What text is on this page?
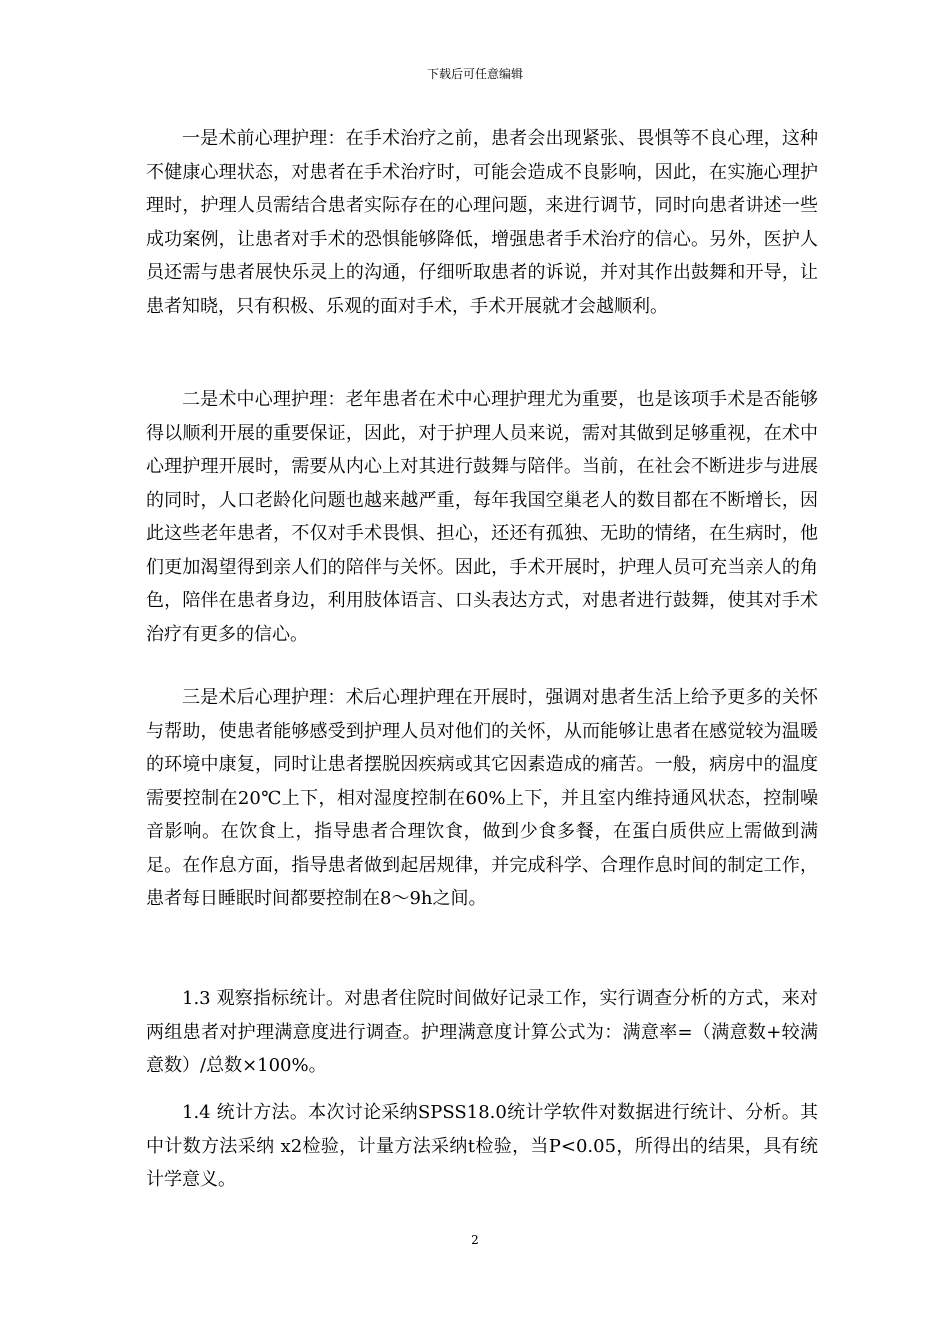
下载后可任意编辑

一是术前心理护理：在手术治疗之前，患者会出现紧张、畏惧等不良心理，这种不健康心理状态，对患者在手术治疗时，可能会造成不良影响，因此，在实施心理护理时，护理人员需结合患者实际存在的心理问题，来进行调节，同时向患者讲述一些成功案例，让患者对手术的恐惧能够降低，增强患者手术治疗的信心。另外，医护人员还需与患者展快乐灵上的沟通，仔细听取患者的诉说，并对其作出鼓舞和开导，让患者知晓，只有积极、乐观的面对手术，手术开展就才会越顺利。

二是术中心理护理：老年患者在术中心理护理尤为重要，也是该项手术是否能够得以顺利开展的重要保证，因此，对于护理人员来说，需对其做到足够重视，在术中心理护理开展时，需要从内心上对其进行鼓舞与陪伴。当前，在社会不断进步与进展的同时，人口老龄化问题也越来越严重，每年我国空巢老人的数目都在不断增长，因此这些老年患者，不仅对手术畏惧、担心，还还有孤独、无助的情绪，在生病时，他们更加渴望得到亲人们的陪伴与关怀。因此，手术开展时，护理人员可充当亲人的角色，陪伴在患者身边，利用肢体语言、口头表达方式，对患者进行鼓舞，使其对手术治疗有更多的信心。

三是术后心理护理：术后心理护理在开展时，强调对患者生活上给予更多的关怀与帮助，使患者能够感受到护理人员对他们的关怀，从而能够让患者在感觉较为温暖的环境中康复，同时让患者摆脱因疾病或其它因素造成的痛苦。一般，病房中的温度需要控制在20℃上下，相对湿度控制在60%上下，并且室内维持通风状态，控制噪音影响。在饮食上，指导患者合理饮食，做到少食多餐，在蛋白质供应上需做到满足。在作息方面，指导患者做到起居规律，并完成科学、合理作息时间的制定工作，患者每日睡眠时间都要控制在8～9h之间。

1.3 观察指标统计。对患者住院时间做好记录工作，实行调查分析的方式，来对两组患者对护理满意度进行调查。护理满意度计算公式为：满意率=（满意数+较满意数）/总数×100%。

1.4 统计方法。本次讨论采纳SPSS18.0统计学软件对数据进行统计、分析。其中计数方法采纳 x2检验，计量方法采纳t检验，当P<0.05，所得出的结果，具有统计学意义。

2
